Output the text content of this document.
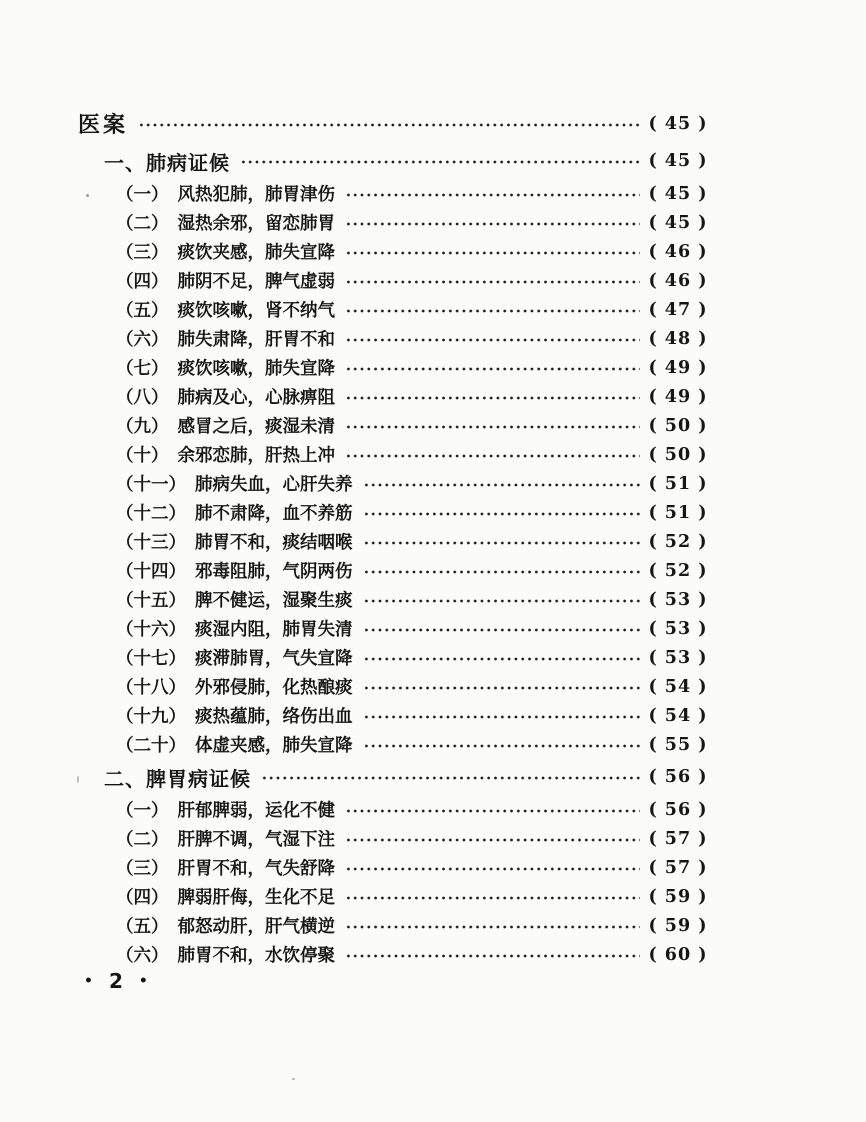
医案	( 45 )
一、肺病证候	( 45 )
（一） 风热犯肺，肺胃津伤	( 45 )
（二） 湿热余邪，留恋肺胃	( 45 )
（三） 痰饮夹感，肺失宣降	( 46 )
（四） 肺阴不足，脾气虚弱	( 46 )
（五） 痰饮咳嗽，肾不纳气	( 47 )
（六） 肺失肃降，肝胃不和	( 48 )
（七） 痰饮咳嗽，肺失宣降	( 49 )
（八） 肺病及心，心脉痹阻	( 49 )
（九） 感冒之后，痰湿未清	( 50 )
（十） 余邪恋肺，肝热上冲	( 50 )
（十一） 肺病失血，心肝失养	( 51 )
（十二） 肺不肃降，血不养筋	( 51 )
（十三） 肺胃不和，痰结咽喉	( 52 )
（十四） 邪毒阻肺，气阴两伤	( 52 )
（十五） 脾不健运，湿聚生痰	( 53 )
（十六） 痰湿内阻，肺胃失清	( 53 )
（十七） 痰滞肺胃，气失宣降	( 53 )
（十八） 外邪侵肺，化热酿痰	( 54 )
（十九） 痰热蕴肺，络伤出血	( 54 )
（二十） 体虚夹感，肺失宣降	( 55 )
二、脾胃病证候	( 56 )
（一） 肝郁脾弱，运化不健	( 56 )
（二） 肝脾不调，气湿下注	( 57 )
（三） 肝胃不和，气失舒降	( 57 )
（四） 脾弱肝侮，生化不足	( 59 )
（五） 郁怒动肝，肝气横逆	( 59 )
（六） 肺胃不和，水饮停聚	( 60 )
• 2 •
